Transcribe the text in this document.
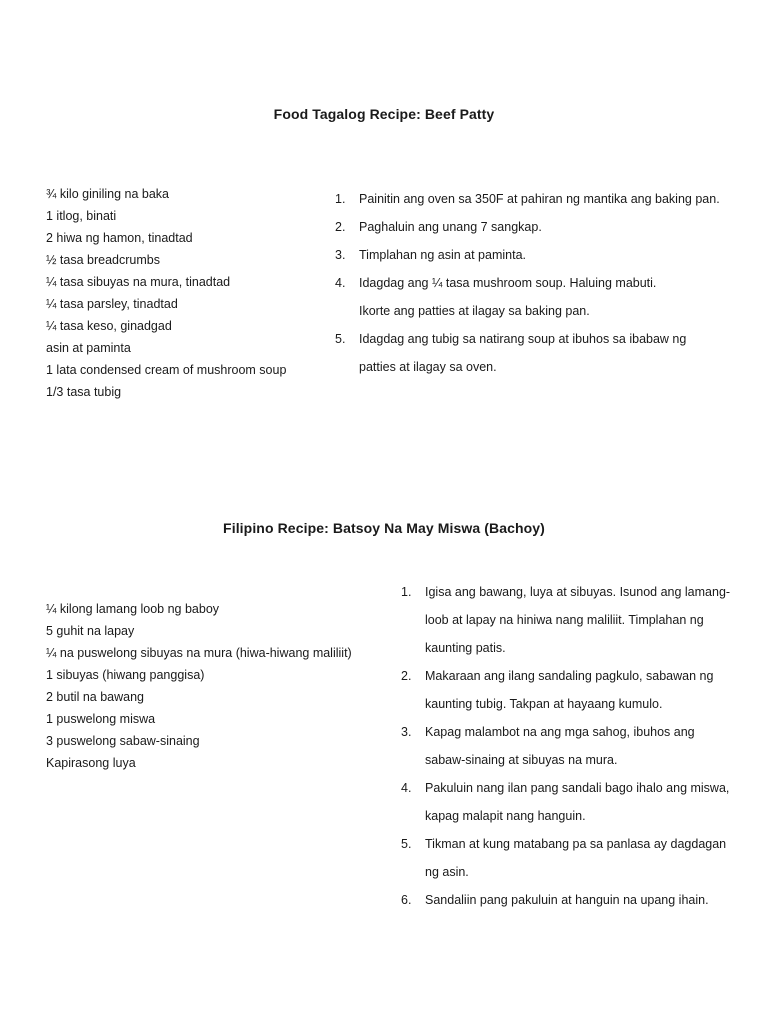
Food Tagalog Recipe: Beef Patty
¾ kilo giniling na baka
1 itlog, binati
2 hiwa ng hamon, tinadtad
½ tasa breadcrumbs
¼ tasa sibuyas na mura, tinadtad
¼ tasa parsley, tinadtad
¼ tasa keso, ginadgad
asin at paminta
1 lata condensed cream of mushroom soup
1/3 tasa tubig
1. Painitin ang oven sa 350F at pahiran ng mantika ang baking pan.
2. Paghaluin ang unang 7 sangkap.
3. Timplahan ng asin at paminta.
4. Idagdag ang ¼ tasa mushroom soup. Haluing mabuti.
Ikorte ang patties at ilagay sa baking pan.
5. Idagdag ang tubig sa natirang soup at ibuhos sa ibabaw ng
patties at ilagay sa oven.
Filipino Recipe: Batsoy Na May Miswa (Bachoy)
¼ kilong lamang loob ng baboy
5 guhit na lapay
¼ na puswelong sibuyas na mura (hiwa-hiwang maliliit)
1 sibuyas (hiwang panggisa)
2 butil na bawang
1 puswelong miswa
3 puswelong sabaw-sinaing
Kapirasong luya
1. Igisa ang bawang, luya at sibuyas. Isunod ang lamang-
loob at lapay na hiniwa nang maliliit. Timplahan ng
kaunting patis.
2. Makaraan ang ilang sandaling pagkulo, sabawan ng
kaunting tubig. Takpan at hayaang kumulo.
3. Kapag malambot na ang mga sahog, ibuhos ang
sabaw-sinaing at sibuyas na mura.
4. Pakuluin nang ilan pang sandali bago ihalo ang miswa,
kapag malapit nang hanguin.
5. Tikman at kung matabang pa sa panlasa ay dagdagan
ng asin.
6. Sandaliin pang pakuluin at hanguin na upang ihain.
